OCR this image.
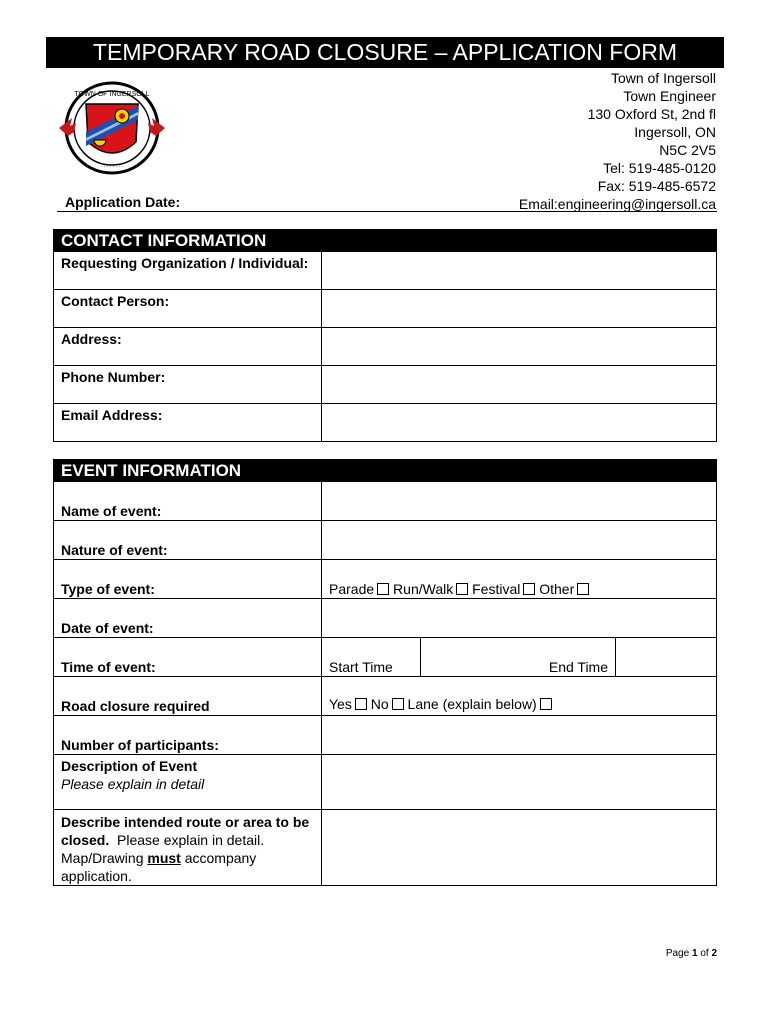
TEMPORARY ROAD CLOSURE – APPLICATION FORM
TOWN OF INGERSOLL
· · · · · · · ·
Town of Ingersoll
Town Engineer
130 Oxford St, 2nd fl
Ingersoll, ON
N5C 2V5
Tel: 519-485-0120
Fax: 519-485-6572
Email:engineering@ingersoll.ca
Application Date:
CONTACT INFORMATION	
Requesting Organization / Individual:	
Contact Person:	
Address:	
Phone Number:	
Email Address:	
EVENT INFORMATION	
Name of event:	
Nature of event:	
Type of event:	Parade Run/Walk Festival Other
Date of event:	
Time of event:	Start Time End Time

Road closure required	Yes No Lane (explain below)
Number of participants:	

Description of Event
Please explain in detail	

Describe intended route or area to be closed. Please explain in detail. Map/Drawing must accompany application.	
Page 1 of 2
